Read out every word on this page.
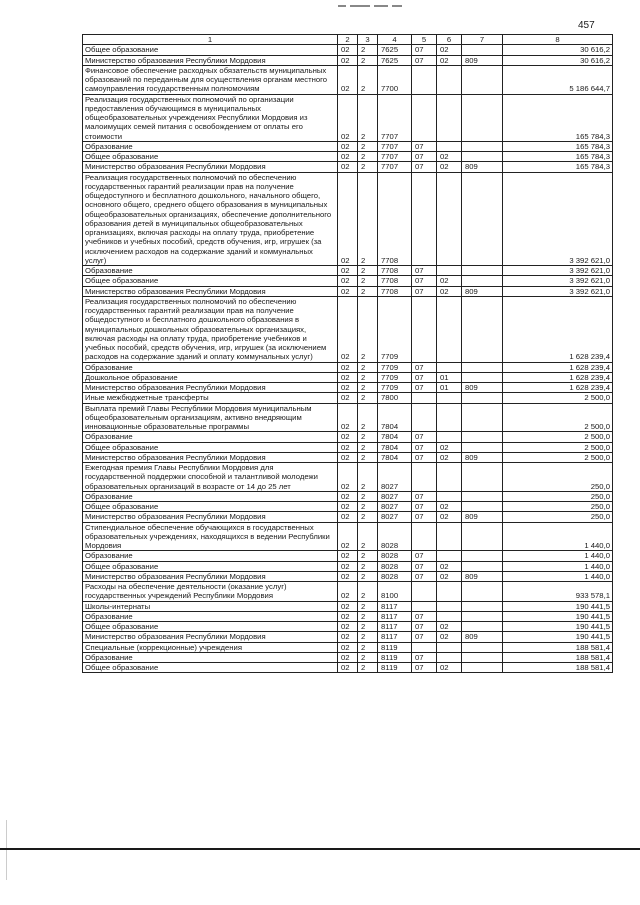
457
1	2	3	4	5	6	7	8
Общее образование	02	2	7625	07	02		30 616,2
Министерство образования Республики Мордовия	02	2	7625	07	02	809	30 616,2
Финансовое обеспечение расходных обязательств муниципальных образований по переданным для осуществления органам местного самоуправления государственным полномочиям	02	2	7700				5 186 644,7
Реализация государственных полномочий по организации предоставления обучающимся в муниципальных общеобразовательных учреждениях Республики Мордовия из малоимущих семей питания с освобождением от оплаты его стоимости	02	2	7707				165 784,3
Образование	02	2	7707	07			165 784,3
Общее образование	02	2	7707	07	02		165 784,3
Министерство образования Республики Мордовия	02	2	7707	07	02	809	165 784,3
Реализация государственных полномочий по обеспечению государственных гарантий реализации прав на получение общедоступного и бесплатного дошкольного, начального общего, основного общего, среднего общего образования в муниципальных общеобразовательных организациях, обеспечение дополнительного образования детей в муниципальных общеобразовательных организациях, включая расходы на оплату труда, приобретение учебников и учебных пособий, средств обучения, игр, игрушек (за исключением расходов на содержание зданий и коммунальных услуг)	02	2	7708				3 392 621,0
Образование	02	2	7708	07			3 392 621,0
Общее образование	02	2	7708	07	02		3 392 621,0
Министерство образования Республики Мордовия	02	2	7708	07	02	809	3 392 621,0
Реализация государственных полномочий по обеспечению государственных гарантий реализации прав на получение общедоступного и бесплатного дошкольного образования в муниципальных дошкольных образовательных организациях, включая расходы на оплату труда, приобретение учебников и учебных пособий, средств обучения, игр, игрушек (за исключением расходов на содержание зданий и оплату коммунальных услуг)	02	2	7709				1 628 239,4
Образование	02	2	7709	07			1 628 239,4
Дошкольное образование	02	2	7709	07	01		1 628 239,4
Министерство образования Республики Мордовия	02	2	7709	07	01	809	1 628 239,4
Иные межбюджетные трансферты	02	2	7800				2 500,0
Выплата премий Главы Республики Мордовия муниципальным общеобразовательным организациям, активно внедряющим инновационные образовательные программы	02	2	7804				2 500,0
Образование	02	2	7804	07			2 500,0
Общее образование	02	2	7804	07	02		2 500,0
Министерство образования Республики Мордовия	02	2	7804	07	02	809	2 500,0
Ежегодная премия Главы Республики Мордовия для государственной поддержки способной и талантливой молодежи образовательных организаций в возрасте от 14 до 25 лет	02	2	8027				250,0
Образование	02	2	8027	07			250,0
Общее образование	02	2	8027	07	02		250,0
Министерство образования Республики Мордовия	02	2	8027	07	02	809	250,0
Стипендиальное обеспечение обучающихся в государственных образовательных учреждениях, находящихся в ведении Республики Мордовия	02	2	8028				1 440,0
Образование	02	2	8028	07			1 440,0
Общее образование	02	2	8028	07	02		1 440,0
Министерство образования Республики Мордовия	02	2	8028	07	02	809	1 440,0
Расходы на обеспечение деятельности (оказание услуг) государственных учреждений Республики Мордовия	02	2	8100				933 578,1
Школы-интернаты	02	2	8117				190 441,5
Образование	02	2	8117	07			190 441,5
Общее образование	02	2	8117	07	02		190 441,5
Министерство образования Республики Мордовия	02	2	8117	07	02	809	190 441,5
Специальные (коррекционные) учреждения	02	2	8119				188 581,4
Образование	02	2	8119	07			188 581,4
Общее образование	02	2	8119	07	02		188 581,4
